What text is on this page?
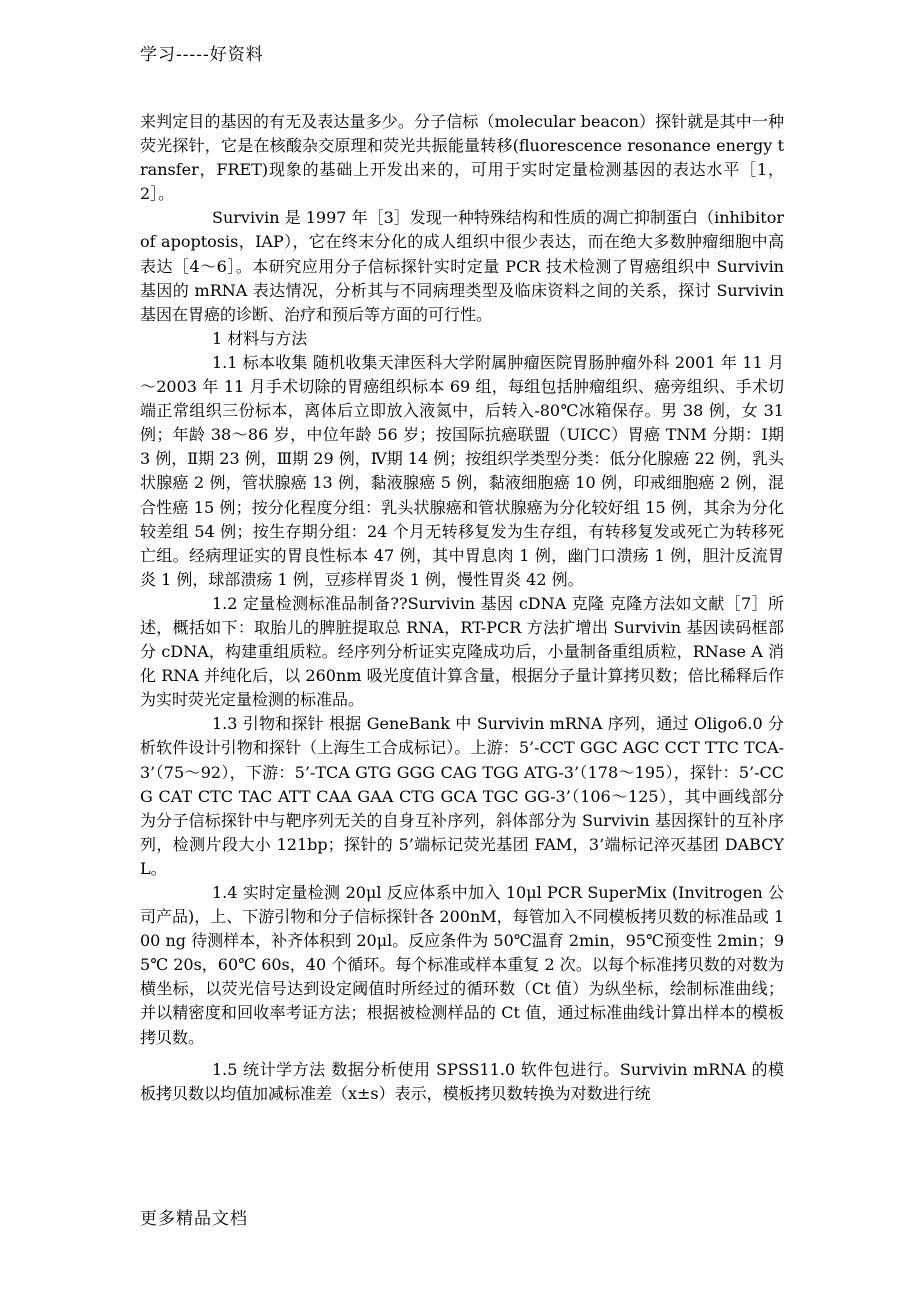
学习-----好资料

来判定目的基因的有无及表达量多少。分子信标（molecular beacon）探针就是其中一种荧光探针，它是在核酸杂交原理和荧光共振能量转移(fluorescence resonance energy transfer，FRET)现象的基础上开发出来的，可用于实时定量检测基因的表达水平［1，2］。

Survivin 是 1997 年［3］发现一种特殊结构和性质的凋亡抑制蛋白（inhibitor of apoptosis，IAP），它在终末分化的成人组织中很少表达，而在绝大多数肿瘤细胞中高表达［4～6］。本研究应用分子信标探针实时定量 PCR 技术检测了胃癌组织中 Survivin 基因的 mRNA 表达情况，分析其与不同病理类型及临床资料之间的关系，探讨 Survivin 基因在胃癌的诊断、治疗和预后等方面的可行性。

1 材料与方法

1.1 标本收集 随机收集天津医科大学附属肿瘤医院胃肠肿瘤外科 2001 年 11 月～2003 年 11 月手术切除的胃癌组织标本 69 组，每组包括肿瘤组织、癌旁组织、手术切端正常组织三份标本，离体后立即放入液氮中，后转入-80℃冰箱保存。男 38 例，女 31 例；年龄 38～86 岁，中位年龄 56 岁；按国际抗癌联盟（UICC）胃癌 TNM 分期：Ⅰ期 3 例，Ⅱ期 23 例，Ⅲ期 29 例，Ⅳ期 14 例；按组织学类型分类：低分化腺癌 22 例，乳头状腺癌 2 例，管状腺癌 13 例，黏液腺癌 5 例，黏液细胞癌 10 例，印戒细胞癌 2 例，混合性癌 15 例；按分化程度分组：乳头状腺癌和管状腺癌为分化较好组 15 例，其余为分化较差组 54 例；按生存期分组：24 个月无转移复发为生存组，有转移复发或死亡为转移死亡组。经病理证实的胃良性标本 47 例，其中胃息肉 1 例，幽门口溃疡 1 例，胆汁反流胃炎 1 例，球部溃疡 1 例，豆疹样胃炎 1 例，慢性胃炎 42 例。

1.2 定量检测标准品制备??Survivin 基因 cDNA 克隆 克隆方法如文献［7］所述，概括如下：取胎儿的脾脏提取总 RNA，RT-PCR 方法扩增出 Survivin 基因读码框部分 cDNA，构建重组质粒。经序列分析证实克隆成功后，小量制备重组质粒，RNase A 消化 RNA 并纯化后，以 260nm 吸光度值计算含量，根据分子量计算拷贝数；倍比稀释后作为实时荧光定量检测的标准品。

1.3 引物和探针 根据 GeneBank 中 Survivin mRNA 序列，通过 Oligo6.0 分析软件设计引物和探针（上海生工合成标记）。上游：5’-CCT GGC AGC CCT TTC TCA-3’（75～92），下游：5’-TCA GTG GGG CAG TGG ATG-3’（178～195），探针：5’-CCG CAT CTC TAC ATT CAA GAA CTG GCA TGC GG-3’（106～125），其中画线部分为分子信标探针中与靶序列无关的自身互补序列，斜体部分为 Survivin 基因探针的互补序列，检测片段大小 121bp；探针的 5’端标记荧光基团 FAM，3’端标记淬灭基团 DABCYL。

1.4 实时定量检测 20μl 反应体系中加入 10μl PCR SuperMix (Invitrogen 公司产品)，上、下游引物和分子信标探针各 200nM，每管加入不同模板拷贝数的标准品或 100 ng 待测样本，补齐体积到 20μl。反应条件为 50℃温育 2min，95℃预变性 2min；95℃ 20s，60℃ 60s，40 个循环。每个标准或样本重复 2 次。以每个标准拷贝数的对数为横坐标，以荧光信号达到设定阈值时所经过的循环数（Ct 值）为纵坐标，绘制标准曲线；并以精密度和回收率考证方法；根据被检测样品的 Ct 值，通过标准曲线计算出样本的模板拷贝数。

1.5 统计学方法 数据分析使用 SPSS11.0 软件包进行。Survivin mRNA 的模板拷贝数以均值加减标准差（x±s）表示，模板拷贝数转换为对数进行统

更多精品文档
